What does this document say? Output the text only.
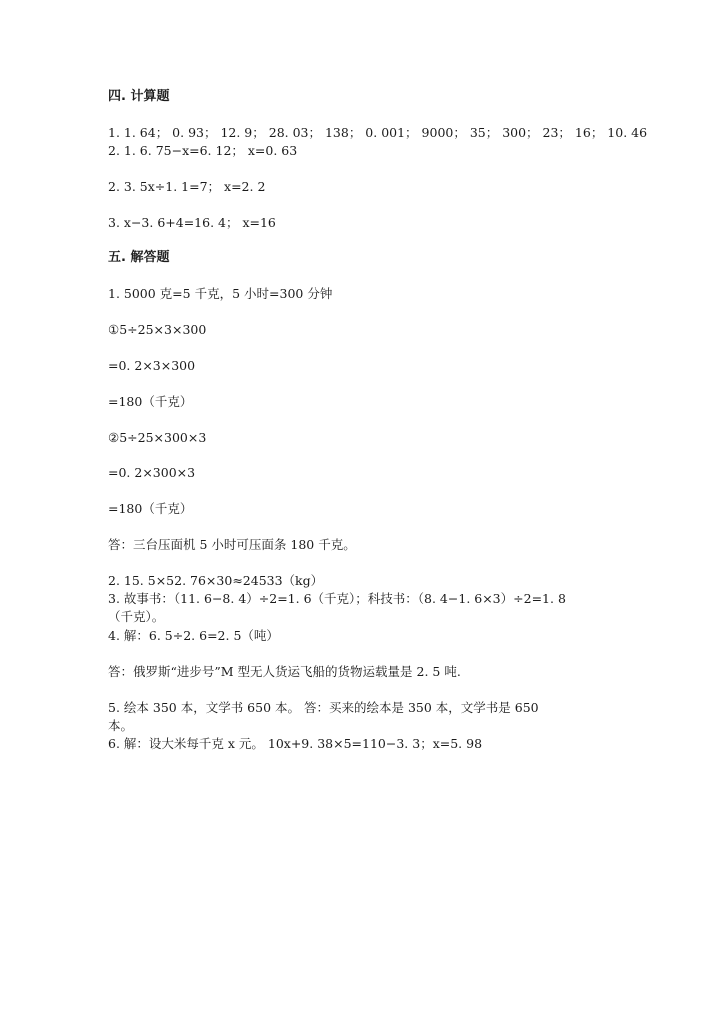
四. 计算题
1. 1. 64； 0. 93； 12. 9； 28. 03； 138； 0. 001； 9000； 35； 300； 23； 16； 10. 46
2. 1. 6. 75−x=6. 12； x=0. 63
2. 3. 5x÷1. 1=7； x=2. 2
3. x−3. 6+4=16. 4； x=16
五. 解答题
1. 5000 克=5 千克，5 小时=300 分钟
①5÷25×3×300
=0. 2×3×300
=180（千克）
②5÷25×300×3
=0. 2×300×3
=180（千克）
答：三台压面机 5 小时可压面条 180 千克。
2. 15. 5×52. 76×30≈24533（kg）
3. 故事书：（11. 6−8. 4）÷2=1. 6（千克）；科技书：（8. 4−1. 6×3）÷2=1. 8
（千克）。
4. 解：6. 5÷2. 6=2. 5（吨）
答：俄罗斯“进步号”M 型无人货运飞船的货物运载量是 2. 5 吨.
5. 绘本 350 本，文学书 650 本。 答：买来的绘本是 350 本，文学书是 650
本。
6. 解：设大米每千克 x 元。 10x+9. 38×5=110−3. 3；x=5. 98
